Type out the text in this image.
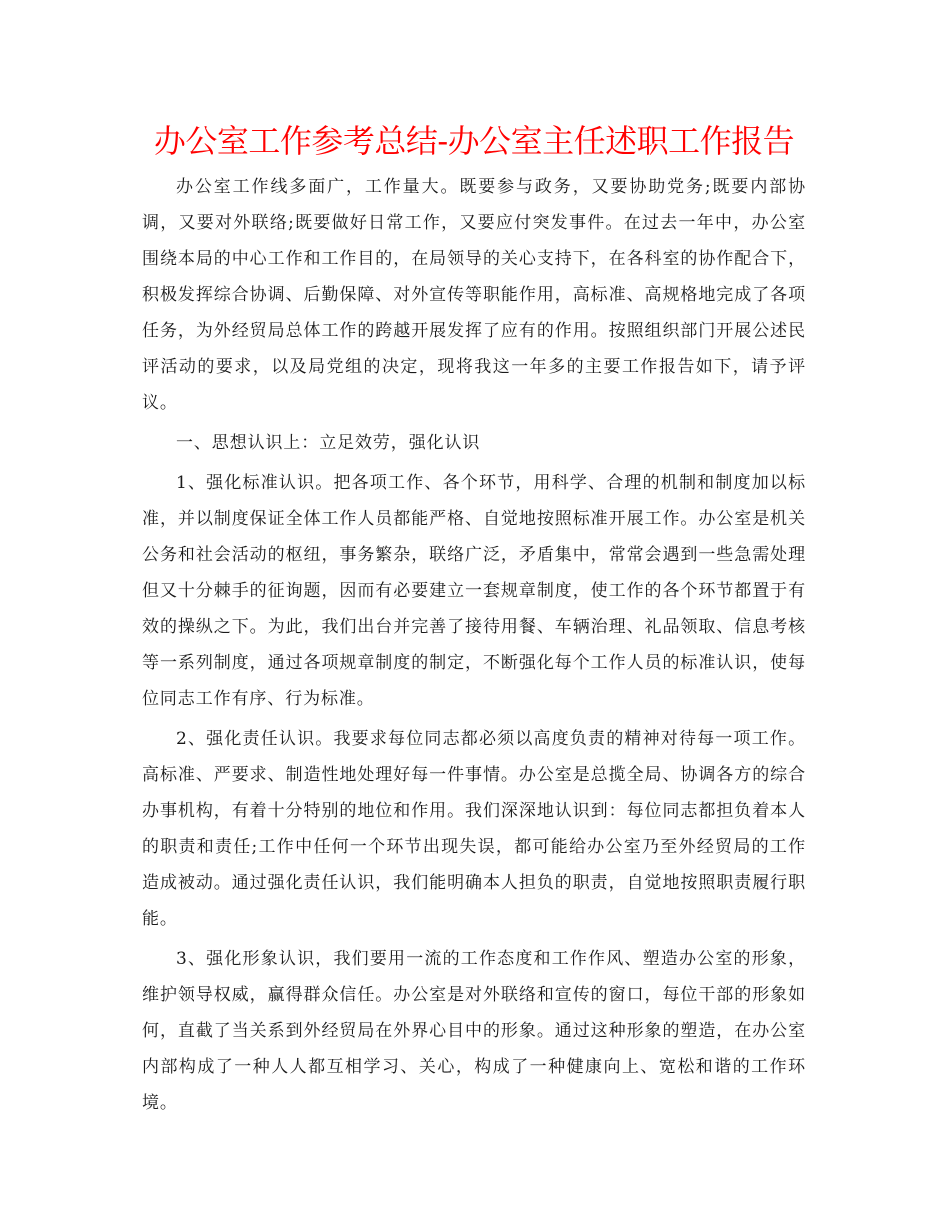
办公室工作参考总结-办公室主任述职工作报告

办公室工作线多面广，工作量大。既要参与政务，又要协助党务;既要内部协调，又要对外联络;既要做好日常工作，又要应付突发事件。在过去一年中，办公室围绕本局的中心工作和工作目的，在局领导的关心支持下，在各科室的协作配合下，积极发挥综合协调、后勤保障、对外宣传等职能作用，高标准、高规格地完成了各项任务，为外经贸局总体工作的跨越开展发挥了应有的作用。按照组织部门开展公述民评活动的要求，以及局党组的决定，现将我这一年多的主要工作报告如下，请予评议。

一、思想认识上：立足效劳，强化认识

1、强化标准认识。把各项工作、各个环节，用科学、合理的机制和制度加以标准，并以制度保证全体工作人员都能严格、自觉地按照标准开展工作。办公室是机关公务和社会活动的枢纽，事务繁杂，联络广泛，矛盾集中，常常会遇到一些急需处理但又十分棘手的征询题，因而有必要建立一套规章制度，使工作的各个环节都置于有效的操纵之下。为此，我们出台并完善了接待用餐、车辆治理、礼品领取、信息考核等一系列制度，通过各项规章制度的制定，不断强化每个工作人员的标准认识，使每位同志工作有序、行为标准。

2、强化责任认识。我要求每位同志都必须以高度负责的精神对待每一项工作。高标准、严要求、制造性地处理好每一件事情。办公室是总揽全局、协调各方的综合办事机构，有着十分特别的地位和作用。我们深深地认识到：每位同志都担负着本人的职责和责任;工作中任何一个环节出现失误，都可能给办公室乃至外经贸局的工作造成被动。通过强化责任认识，我们能明确本人担负的职责，自觉地按照职责履行职能。

3、强化形象认识，我们要用一流的工作态度和工作作风、塑造办公室的形象，维护领导权威，赢得群众信任。办公室是对外联络和宣传的窗口，每位干部的形象如何，直截了当关系到外经贸局在外界心目中的形象。通过这种形象的塑造，在办公室内部构成了一种人人都互相学习、关心，构成了一种健康向上、宽松和谐的工作环境。
